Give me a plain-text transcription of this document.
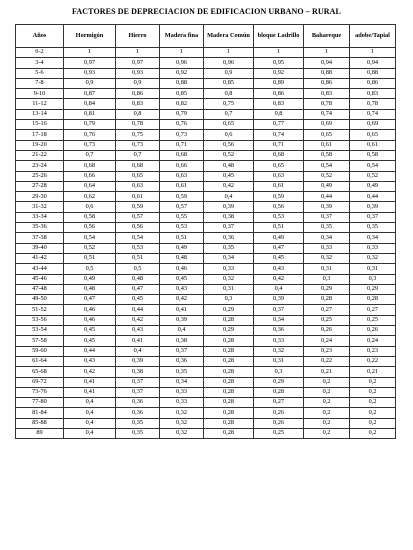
FACTORES DE DEPRECIACION DE EDIFICACION URBANO – RURAL
Años	Hormigón	Hierro	Madera fina	Madera Común	bloque Ladrillo	Bahareque	adobe/Tapial
0-2	1	1	1	1	1	1	1
3-4	0,97	0,97	0,96	0,96	0,95	0,94	0,94
5-6	0,93	0,93	0,92	0,9	0,92	0,88	0,88
7-8	0,9	0,9	0,88	0,85	0,89	0,86	0,86
9-10	0,87	0,86	0,85	0,8	0,86	0,83	0,83
11-12	0,84	0,83	0,82	0,75	0,83	0,78	0,78
13-14	0,81	0,8	0,79	0,7	0,8	0,74	0,74
15-16	0,79	0,78	0,76	0,65	0,77	0,69	0,69
17-18	0,76	0,75	0,73	0,6	0,74	0,65	0,65
19-20	0,73	0,73	0,71	0,56	0,71	0,61	0,61
21-22	0,7	0,7	0,68	0,52	0,68	0,58	0,58
23-24	0,68	0,68	0,66	0,48	0,65	0,54	0,54
25-26	0,66	0,65	0,63	0,45	0,63	0,52	0,52
27-28	0,64	0,63	0,61	0,42	0,61	0,49	0,49
29-30	0,62	0,61	0,59	0,4	0,59	0,44	0,44
31-32	0,6	0,59	0,57	0,39	0,56	0,39	0,39
33-34	0,58	0,57	0,55	0,38	0,53	0,37	0,37
35-36	0,56	0,56	0,53	0,37	0,51	0,35	0,35
37-38	0,54	0,54	0,51	0,36	0,49	0,34	0,34
39-40	0,52	0,53	0,49	0,35	0,47	0,33	0,33
41-42	0,51	0,51	0,48	0,34	0,45	0,32	0,32
43-44	0,5	0,5	0,46	0,33	0,43	0,31	0,31
45-46	0,49	0,48	0,45	0,32	0,42	0,3	0,3
47-48	0,48	0,47	0,43	0,31	0,4	0,29	0,29
49-50	0,47	0,45	0,42	0,3	0,39	0,28	0,28
51-52	0,46	0,44	0,41	0,29	0,37	0,27	0,27
53-56	0,46	0,42	0,39	0,28	0,34	0,25	0,25
53-54	0,45	0,43	0,4	0,29	0,36	0,26	0,26
57-58	0,45	0,41	0,38	0,28	0,33	0,24	0,24
59-60	0,44	0,4	0,37	0,28	0,32	0,23	0,23
61-64	0,43	0,39	0,36	0,28	0,31	0,22	0,22
65-68	0,42	0,38	0,35	0,28	0,3	0,21	0,21
69-72	0,41	0,37	0,34	0,28	0,29	0,2	0,2
73-76	0,41	0,37	0,33	0,28	0,28	0,2	0,2
77-80	0,4	0,36	0,33	0,28	0,27	0,2	0,2
81-84	0,4	0,36	0,32	0,28	0,26	0,2	0,2
85-88	0,4	0,35	0,32	0,28	0,26	0,2	0,2
89	0,4	0,35	0,32	0,28	0,25	0,2	0,2
